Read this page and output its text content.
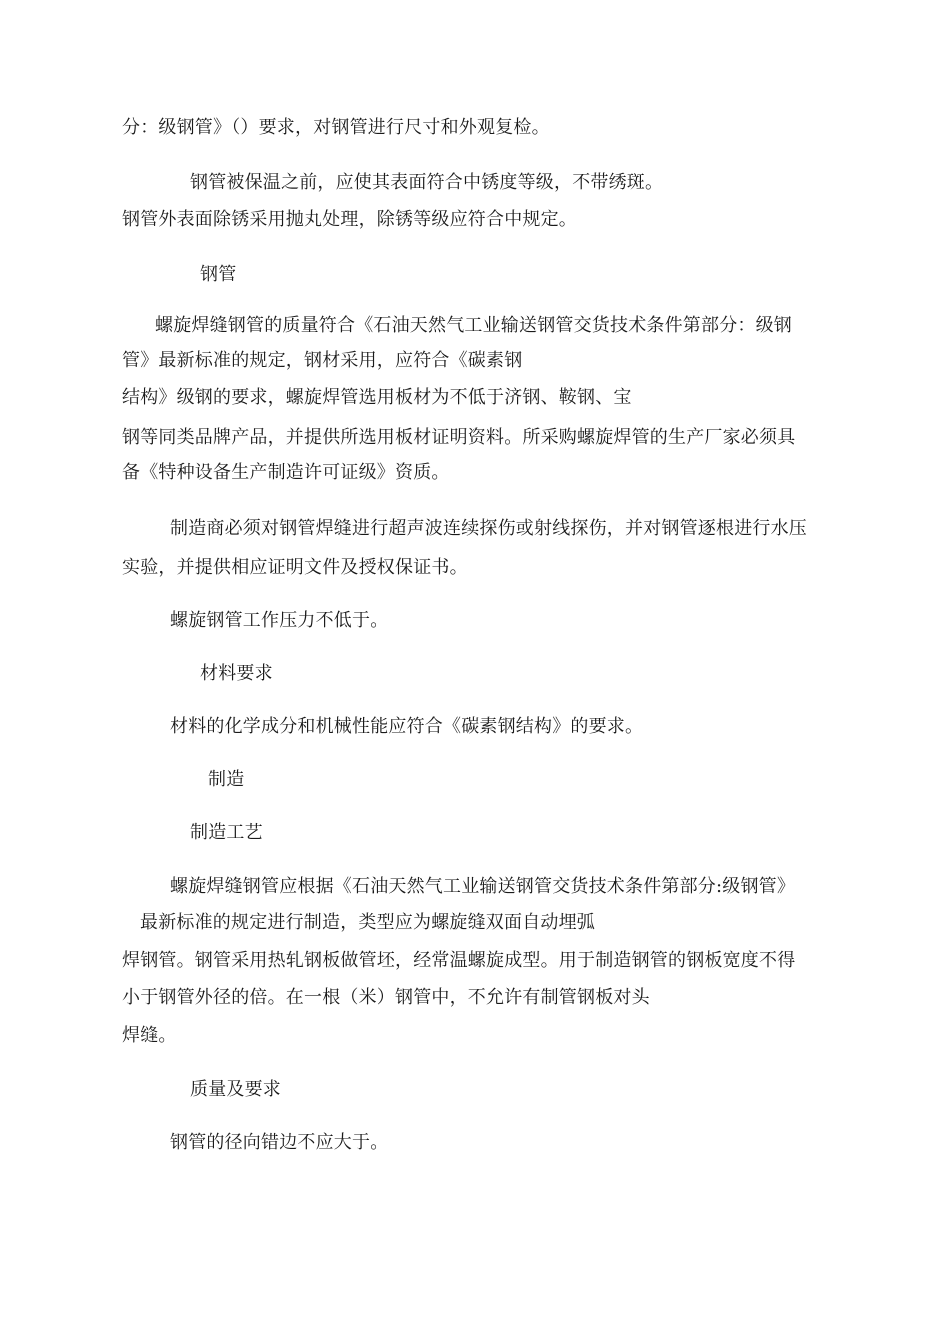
分：级钢管》（）要求，对钢管进行尺寸和外观复检。
钢管被保温之前，应使其表面符合中锈度等级，不带绣斑。
钢管外表面除锈采用抛丸处理，除锈等级应符合中规定。
钢管
螺旋焊缝钢管的质量符合《石油天然气工业输送钢管交货技术条件第部分：级钢
管》最新标准的规定，钢材采用，应符合《碳素钢
结构》级钢的要求，螺旋焊管选用板材为不低于济钢、鞍钢、宝
钢等同类品牌产品，并提供所选用板材证明资料。所采购螺旋焊管的生产厂家必须具
备《特种设备生产制造许可证级》资质。
制造商必须对钢管焊缝进行超声波连续探伤或射线探伤，并对钢管逐根进行水压
实验，并提供相应证明文件及授权保证书。
螺旋钢管工作压力不低于。
材料要求
材料的化学成分和机械性能应符合《碳素钢结构》的要求。
制造
制造工艺
螺旋焊缝钢管应根据《石油天然气工业输送钢管交货技术条件第部分:级钢管》
最新标准的规定进行制造，类型应为螺旋缝双面自动埋弧
焊钢管。钢管采用热轧钢板做管坯，经常温螺旋成型。用于制造钢管的钢板宽度不得
小于钢管外径的倍。在一根（米）钢管中，不允许有制管钢板对头
焊缝。
质量及要求
钢管的径向错边不应大于。
